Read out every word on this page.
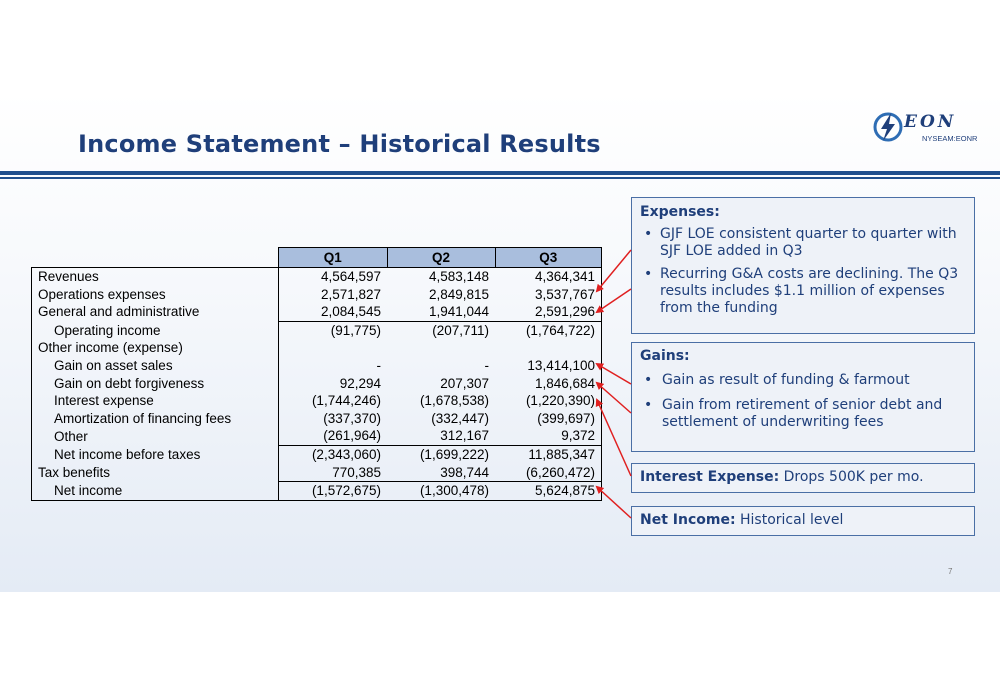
Income Statement – Historical Results
EON
NYSEAM:EONR
	Q1	Q2	Q3
Revenues	4,564,597	4,583,148	4,364,341
Operations expenses	2,571,827	2,849,815	3,537,767
General and administrative	2,084,545	1,941,044	2,591,296
Operating income	(91,775)	(207,711)	(1,764,722)
Other income (expense)			
Gain on asset sales	-	-	13,414,100
Gain on debt forgiveness	92,294	207,307	1,846,684
Interest expense	(1,744,246)	(1,678,538)	(1,220,390)
Amortization of financing fees	(337,370)	(332,447)	(399,697)
Other	(261,964)	312,167	9,372
Net income before taxes	(2,343,060)	(1,699,222)	11,885,347
Tax benefits	770,385	398,744	(6,260,472)
Net income	(1,572,675)	(1,300,478)	5,624,875
Expenses:
• GJF LOE consistent quarter to quarter with SJF LOE added in Q3
• Recurring G&A costs are declining. The Q3 results includes $1.1 million of expenses from the funding
Gains:
• Gain as result of funding & farmout
• Gain from retirement of senior debt and settlement of underwriting fees
Interest Expense: Drops 500K per mo.
Net Income: Historical level
7
